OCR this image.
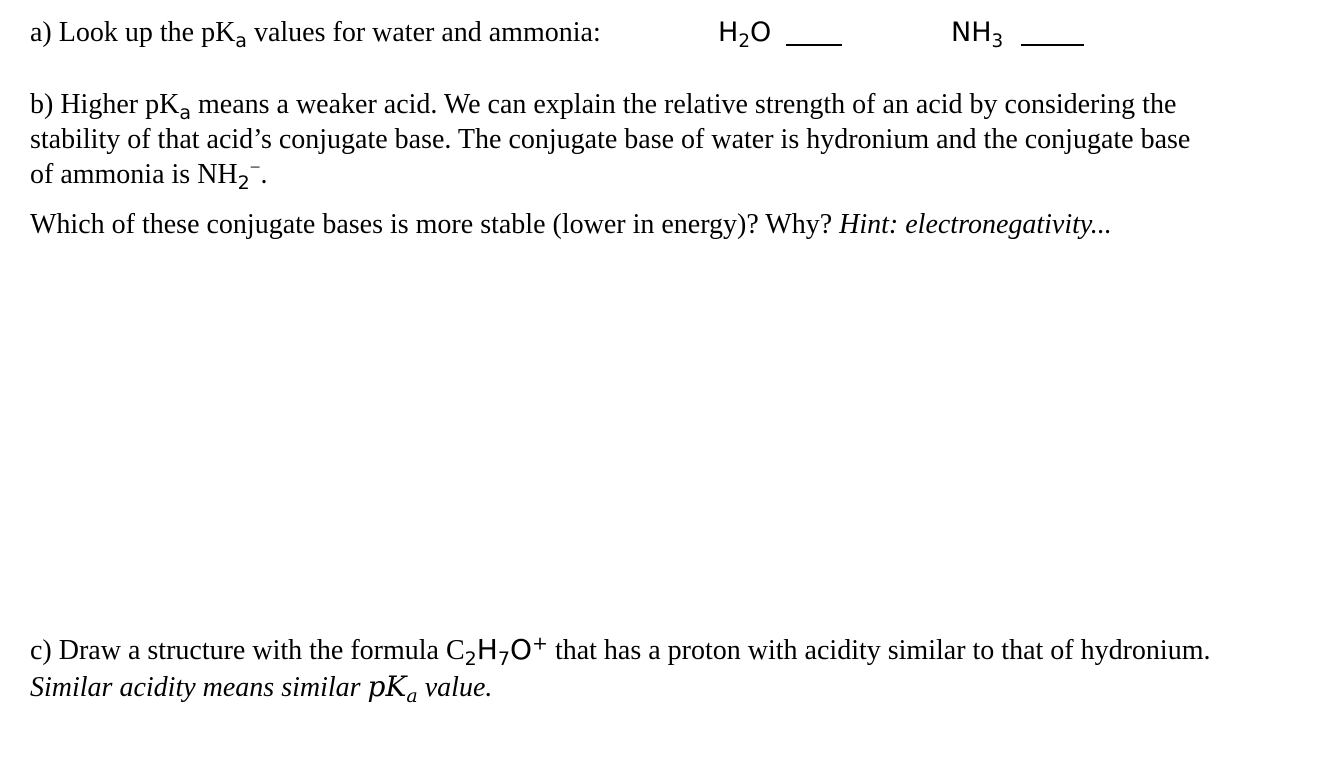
a) Look up the $pK_a$ values for water and ammonia:	$H_2O$	$NH_3$
b) Higher $pK_a$ means a weaker acid. We can explain the relative strength of an acid by considering the
stability of that acid’s conjugate base. The conjugate base of water is hydronium and the conjugate base
of ammonia is $NH_2^-$.
Which of these conjugate bases is more stable (lower in energy)? Why? Hint: electronegativity...
c) Draw a structure with the formula $C_2H_7O^+$ that has a proton with acidity similar to that of hydronium.
Similar acidity means similar $pK_a$ value.
